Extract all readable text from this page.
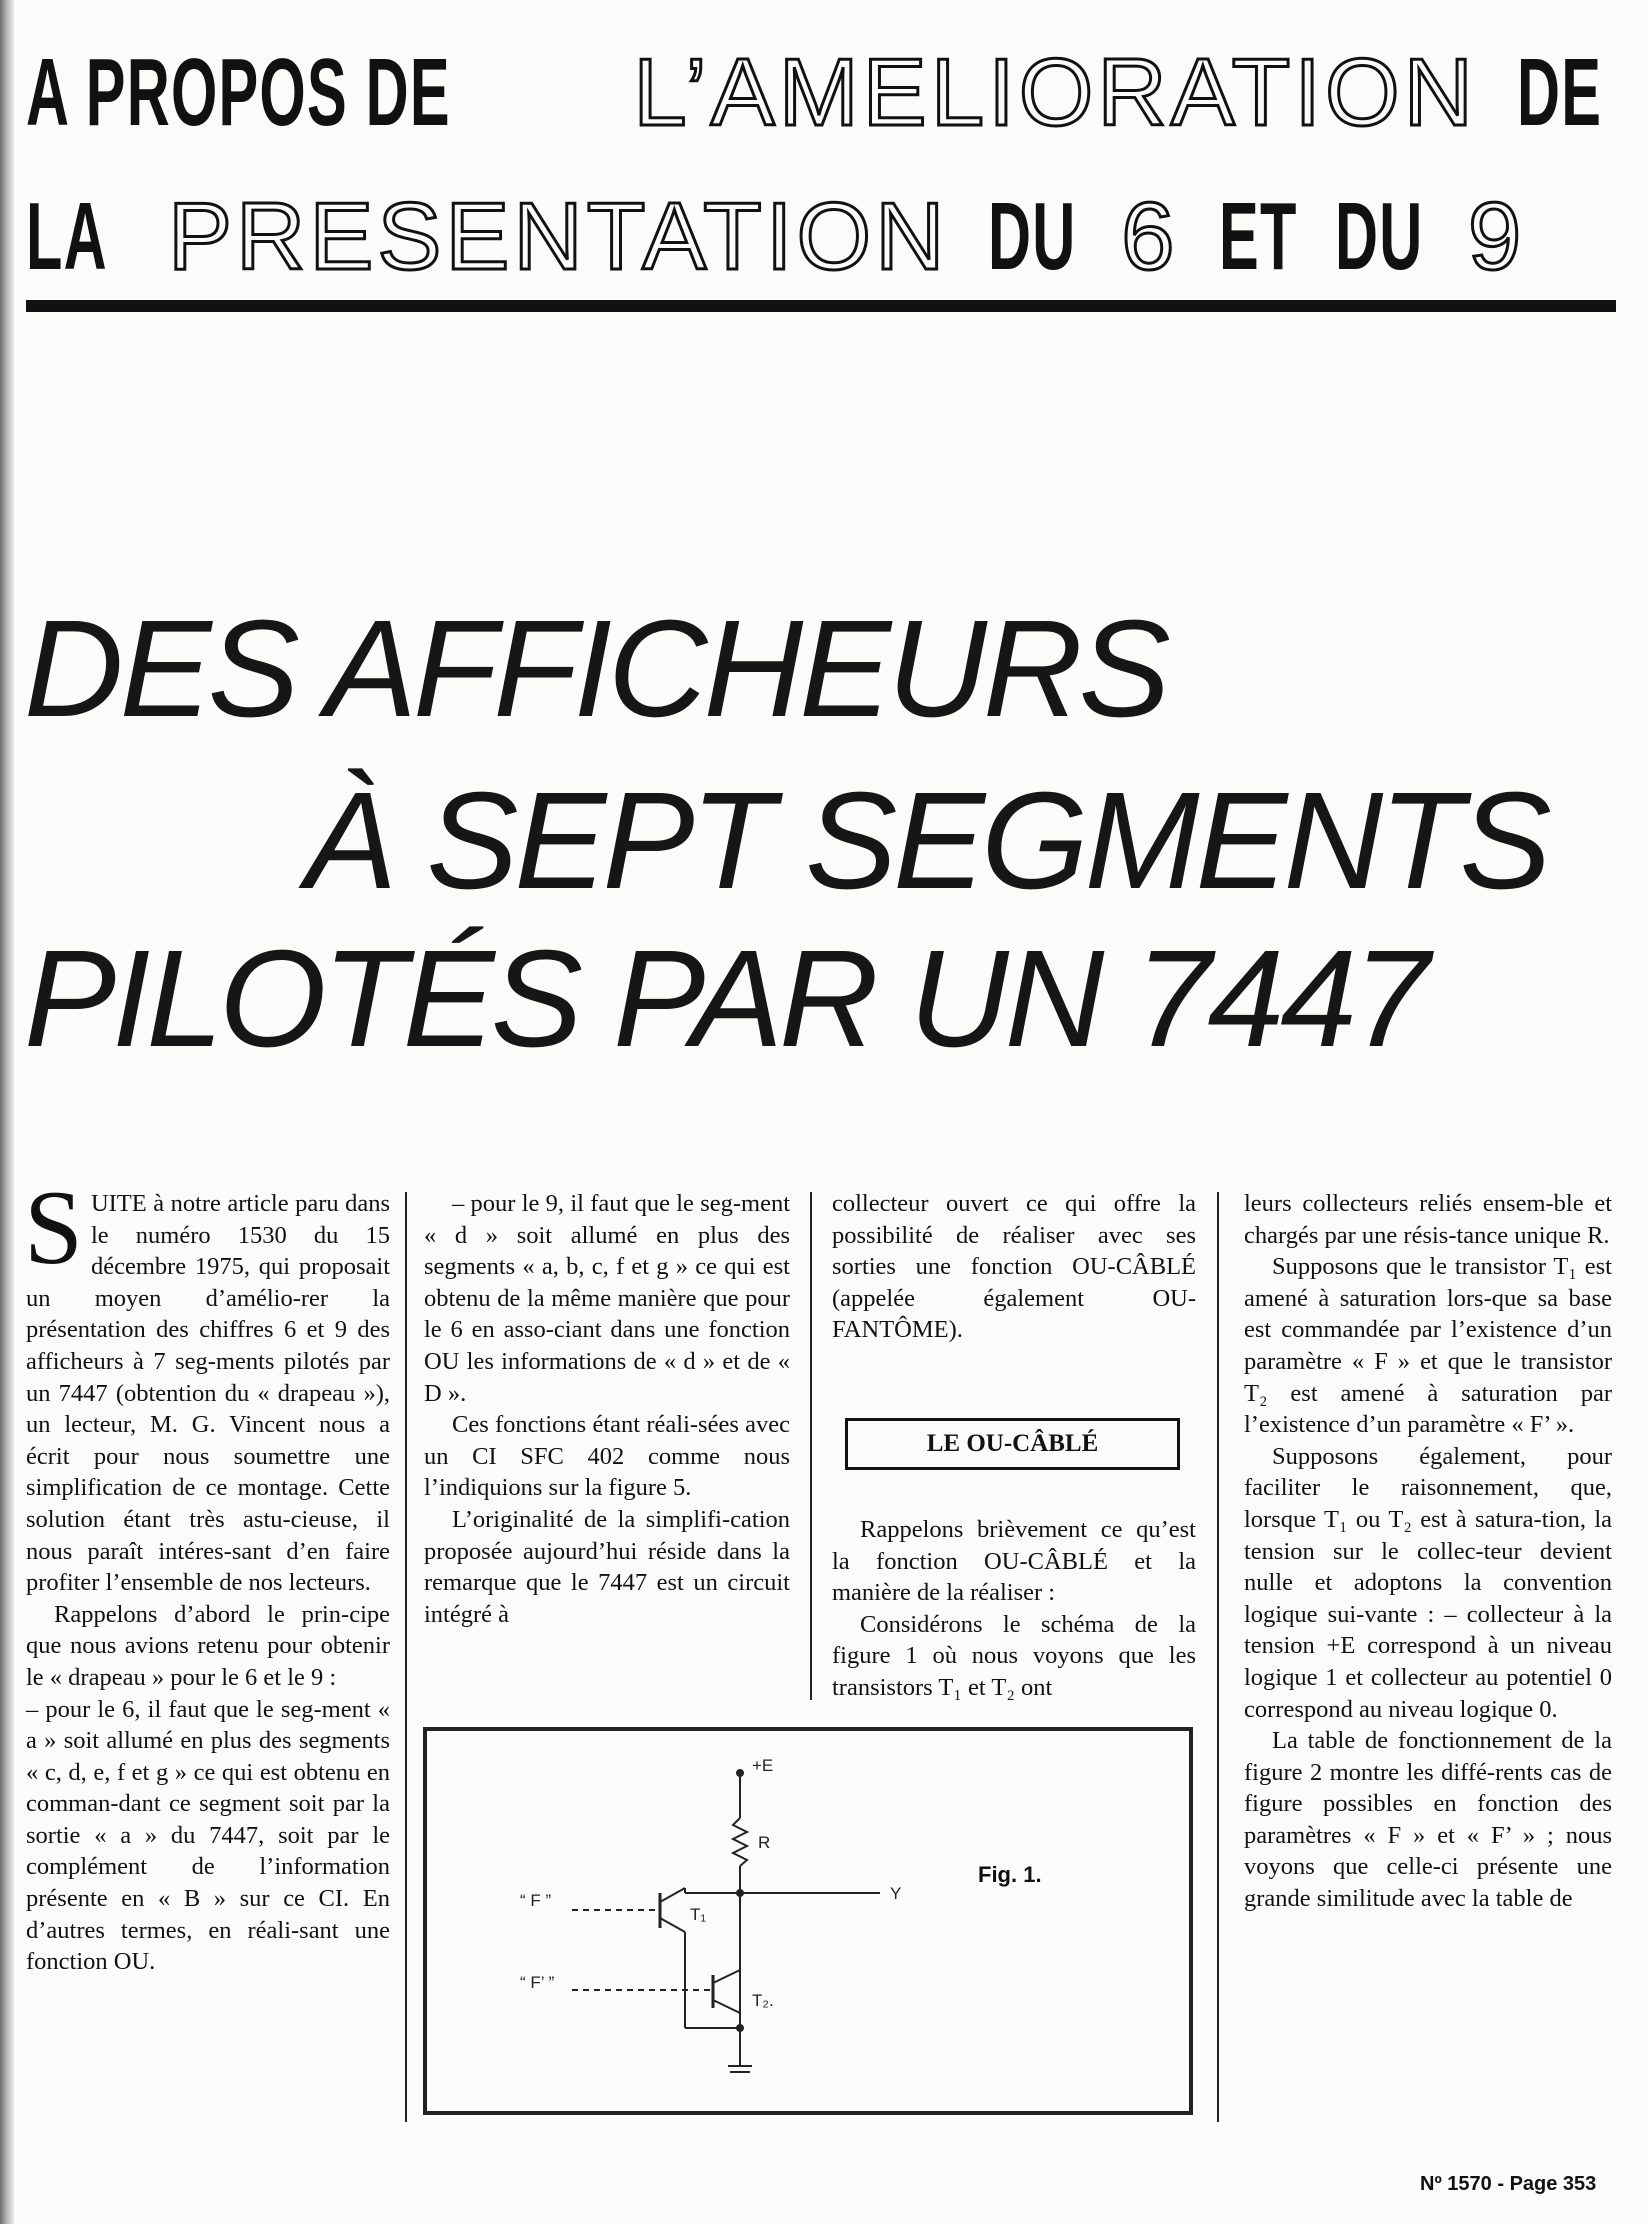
A PROPOS DE L’AMELIORATION DE
LA PRESENTATION DU 6 ET DU 9
DES AFFICHEURS
À SEPT SEGMENTS
PILOTÉS PAR UN 7447

SUITE à notre article paru dans le numéro 1530 du 15 décembre 1975, qui proposait un moyen d’amélio-rer la présentation des chiffres 6 et 9 des afficheurs à 7 seg-ments pilotés par un 7447 (obtention du « drapeau »), un lecteur, M. G. Vincent nous a écrit pour nous soumettre une simplification de ce montage. Cette solution étant très astu-cieuse, il nous paraît intéres-sant d’en faire profiter l’ensemble de nos lecteurs.

Rappelons d’abord le prin-cipe que nous avions retenu pour obtenir le « drapeau » pour le 6 et le 9 :

– pour le 6, il faut que le seg-ment « a » soit allumé en plus des segments « c, d, e, f et g » ce qui est obtenu en comman-dant ce segment soit par la sortie « a » du 7447, soit par le complément de l’information présente en « B » sur ce CI. En d’autres termes, en réali-sant une fonction OU.

– pour le 9, il faut que le seg-ment « d » soit allumé en plus des segments « a, b, c, f et g » ce qui est obtenu de la même manière que pour le 6 en asso-ciant dans une fonction OU les informations de « d » et de « D ».

Ces fonctions étant réali-sées avec un CI SFC 402 comme nous l’indiquions sur la figure 5.

L’originalité de la simplifi-cation proposée aujourd’hui réside dans la remarque que le 7447 est un circuit intégré à

collecteur ouvert ce qui offre la possibilité de réaliser avec ses sorties une fonction OU-CÂBLÉ (appelée également OU-FANTÔME).

LE OU-CÂBLÉ

Rappelons brièvement ce qu’est la fonction OU-CÂBLÉ et la manière de la réaliser :

Considérons le schéma de la figure 1 où nous voyons que les transistors T₁ et T₂ ont

leurs collecteurs reliés ensem-ble et chargés par une résis-tance unique R.

Supposons que le transistor T₁ est amené à saturation lors-que sa base est commandée par l’existence d’un paramètre « F » et que le transistor T₂ est amené à saturation par l’existence d’un paramètre « F’ ».

Supposons également, pour faciliter le raisonnement, que, lorsque T₁ ou T₂ est à satura-tion, la tension sur le collec-teur devient nulle et adoptons la convention logique sui-vante : – collecteur à la tension +E correspond à un niveau logique 1 et collecteur au potentiel 0 correspond au niveau logique 0.

La table de fonctionnement de la figure 2 montre les diffé-rents cas de figure possibles en fonction des paramètres « F » et « F’ » ; nous voyons que celle-ci présente une grande similitude avec la table de

+E
R
Y
“ F ”
“ F’ ”
T₁
T₂.
Fig. 1.
Nº 1570 - Page 353
